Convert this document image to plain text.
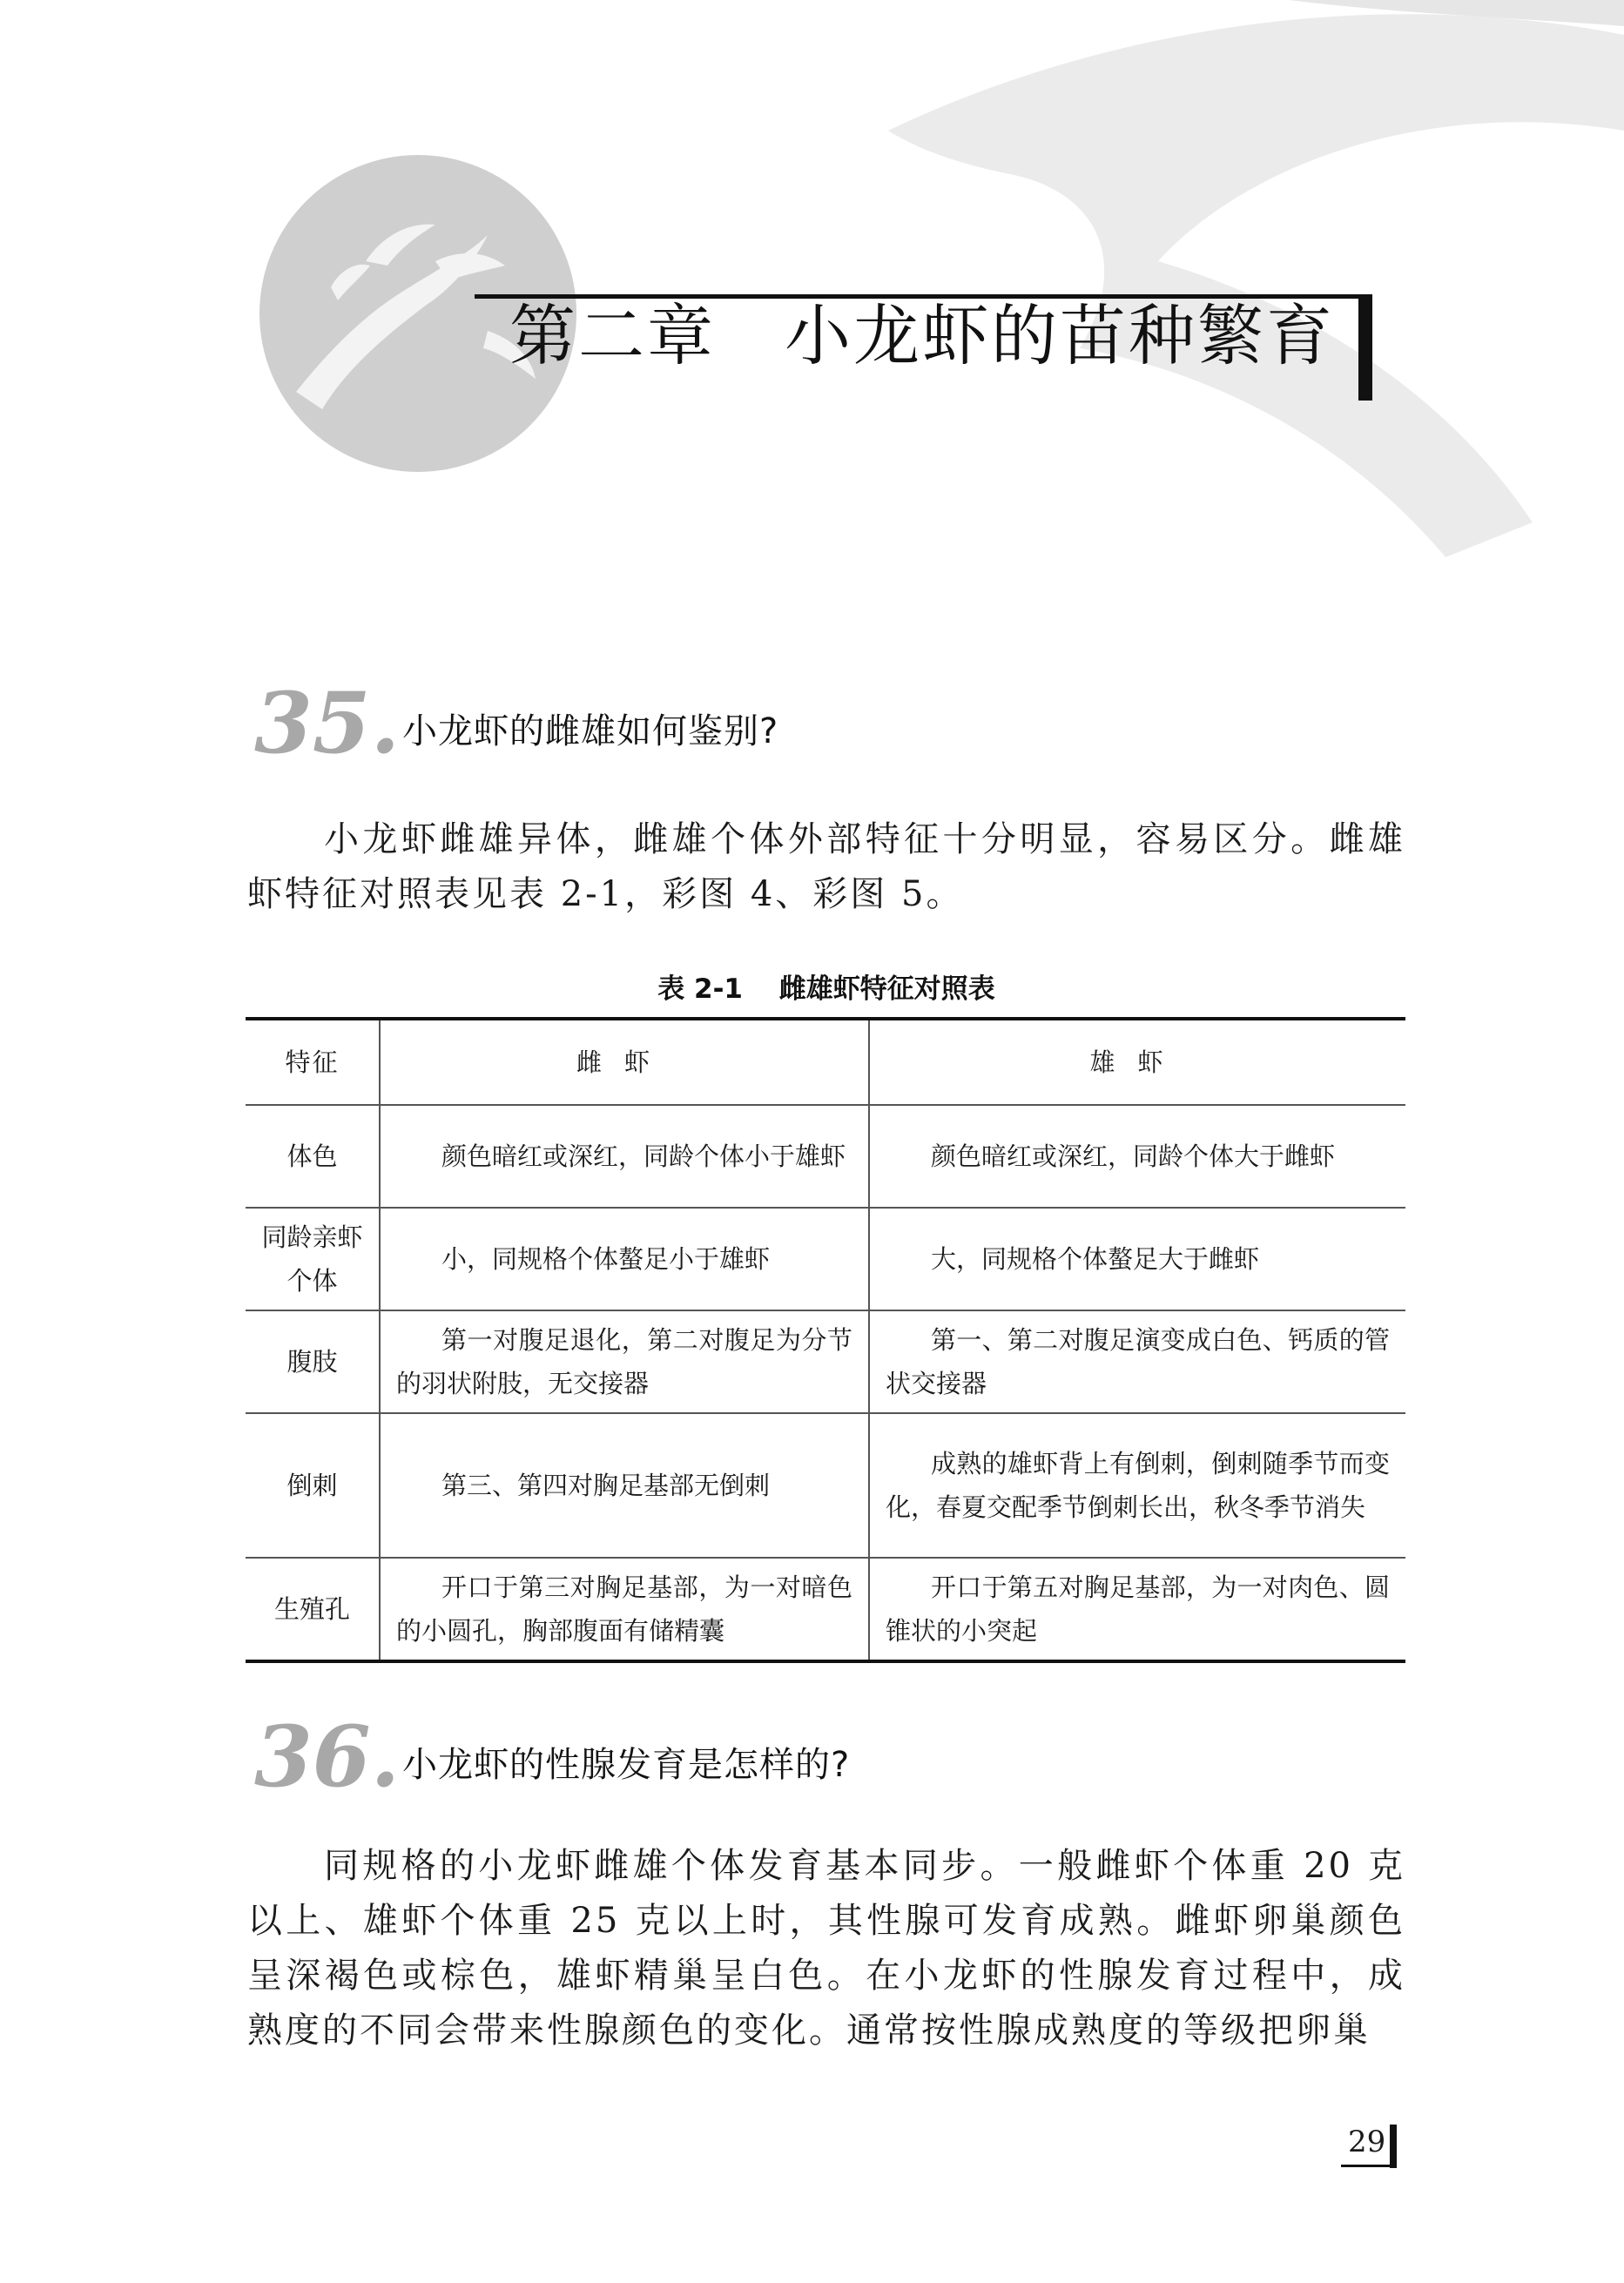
第二章　小龙虾的苗种繁育
35. 小龙虾的雌雄如何鉴别?

小龙虾雌雄异体，雌雄个体外部特征十分明显，容易区分。雌雄虾特征对照表见表 2-1，彩图 4、彩图 5。

表 2-1　 雌雄虾特征对照表
特征	雌虾	雄虾
体色	颜色暗红或深红，同龄个体小于雄虾	颜色暗红或深红，同龄个体大于雌虾
同龄亲虾个体	小，同规格个体螯足小于雄虾	大，同规格个体螯足大于雌虾
腹肢	第一对腹足退化，第二对腹足为分节的羽状附肢，无交接器	第一、第二对腹足演变成白色、钙质的管状交接器
倒刺	第三、第四对胸足基部无倒刺	成熟的雄虾背上有倒刺，倒刺随季节而变化，春夏交配季节倒刺长出，秋冬季节消失
生殖孔	开口于第三对胸足基部，为一对暗色的小圆孔，胸部腹面有储精囊	开口于第五对胸足基部，为一对肉色、圆锥状的小突起
36. 小龙虾的性腺发育是怎样的?

同规格的小龙虾雌雄个体发育基本同步。一般雌虾个体重 20 克以上、雄虾个体重 25 克以上时，其性腺可发育成熟。雌虾卵巢颜色呈深褐色或棕色，雄虾精巢呈白色。在小龙虾的性腺发育过程中，成熟度的不同会带来性腺颜色的变化。通常按性腺成熟度的等级把卵巢

29
